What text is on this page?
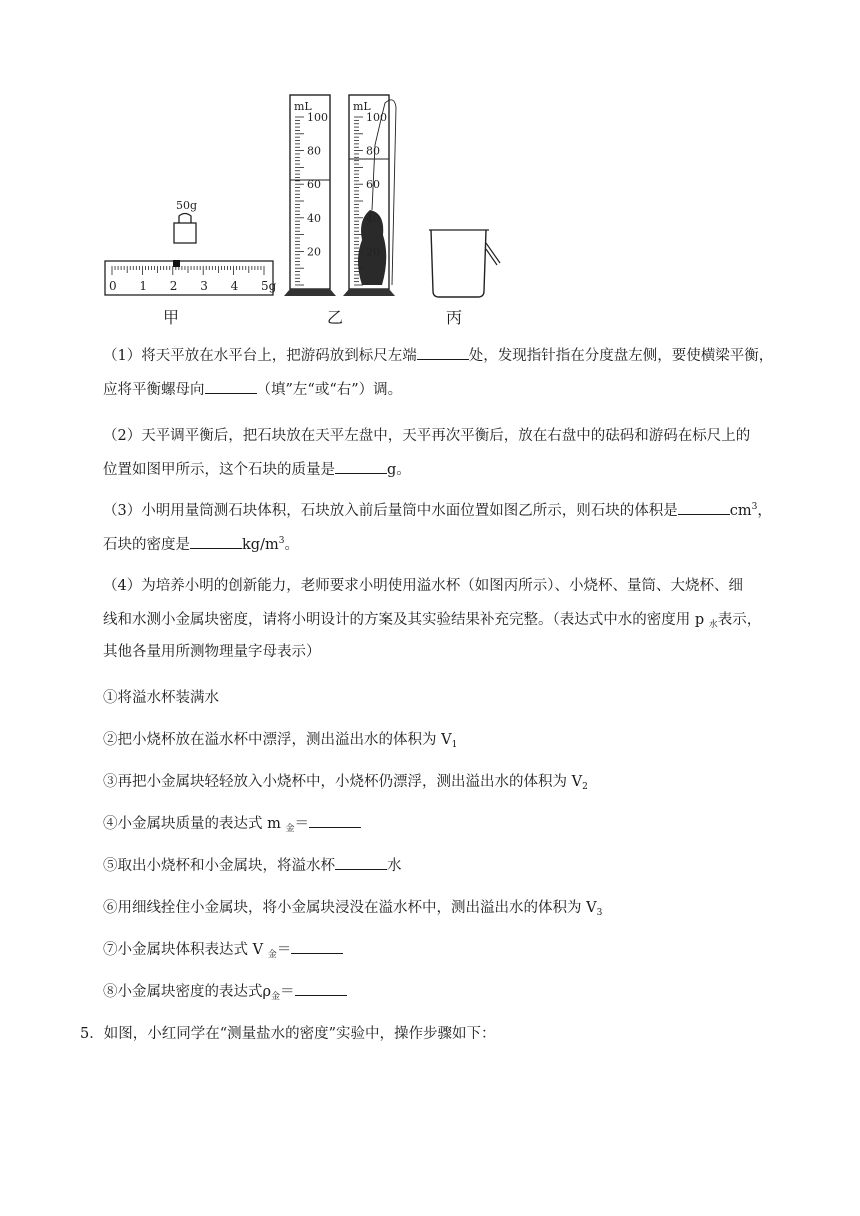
50g
0 1 2 3 4 5g
mL	mL
100	100
80	80
60	60
40	40
20	20
甲	乙	丙
（1）将天平放在水平台上，把游码放到标尺左端	处，发现指针指在分度盘左侧，要使横梁平衡，
应将平衡螺母向	（填”左“或“右”）调。
（2）天平调平衡后，把石块放在天平左盘中，天平再次平衡后，放在右盘中的砝码和游码在标尺上的
位置如图甲所示，这个石块的质量是	g。
（3）小明用量筒测石块体积，石块放入前后量筒中水面位置如图乙所示，则石块的体积是	$cm^3$，
石块的密度是	$kg/m^3$。
（4）为培养小明的创新能力，老师要求小明使用溢水杯（如图丙所示）、小烧杯、量筒、大烧杯、细
线和水测小金属块密度，请将小明设计的方案及其实验结果补充完整。（表达式中水的密度用 p $_水$表示，
其他各量用所测物理量字母表示）
①将溢水杯装满水
②把小烧杯放在溢水杯中漂浮，测出溢出水的体积为 $V_1$
③再把小金属块轻轻放入小烧杯中，小烧杯仍漂浮，测出溢出水的体积为 $V_2$
④小金属块质量的表达式 m $_金$＝
⑤取出小烧杯和小金属块，将溢水杯	水
⑥用细线拴住小金属块，将小金属块浸没在溢水杯中，测出溢出水的体积为 $V_3$
⑦小金属块体积表达式 V $_金$＝
⑧小金属块密度的表达式$\rho_金=$
5．如图，小红同学在“测量盐水的密度”实验中，操作步骤如下：
